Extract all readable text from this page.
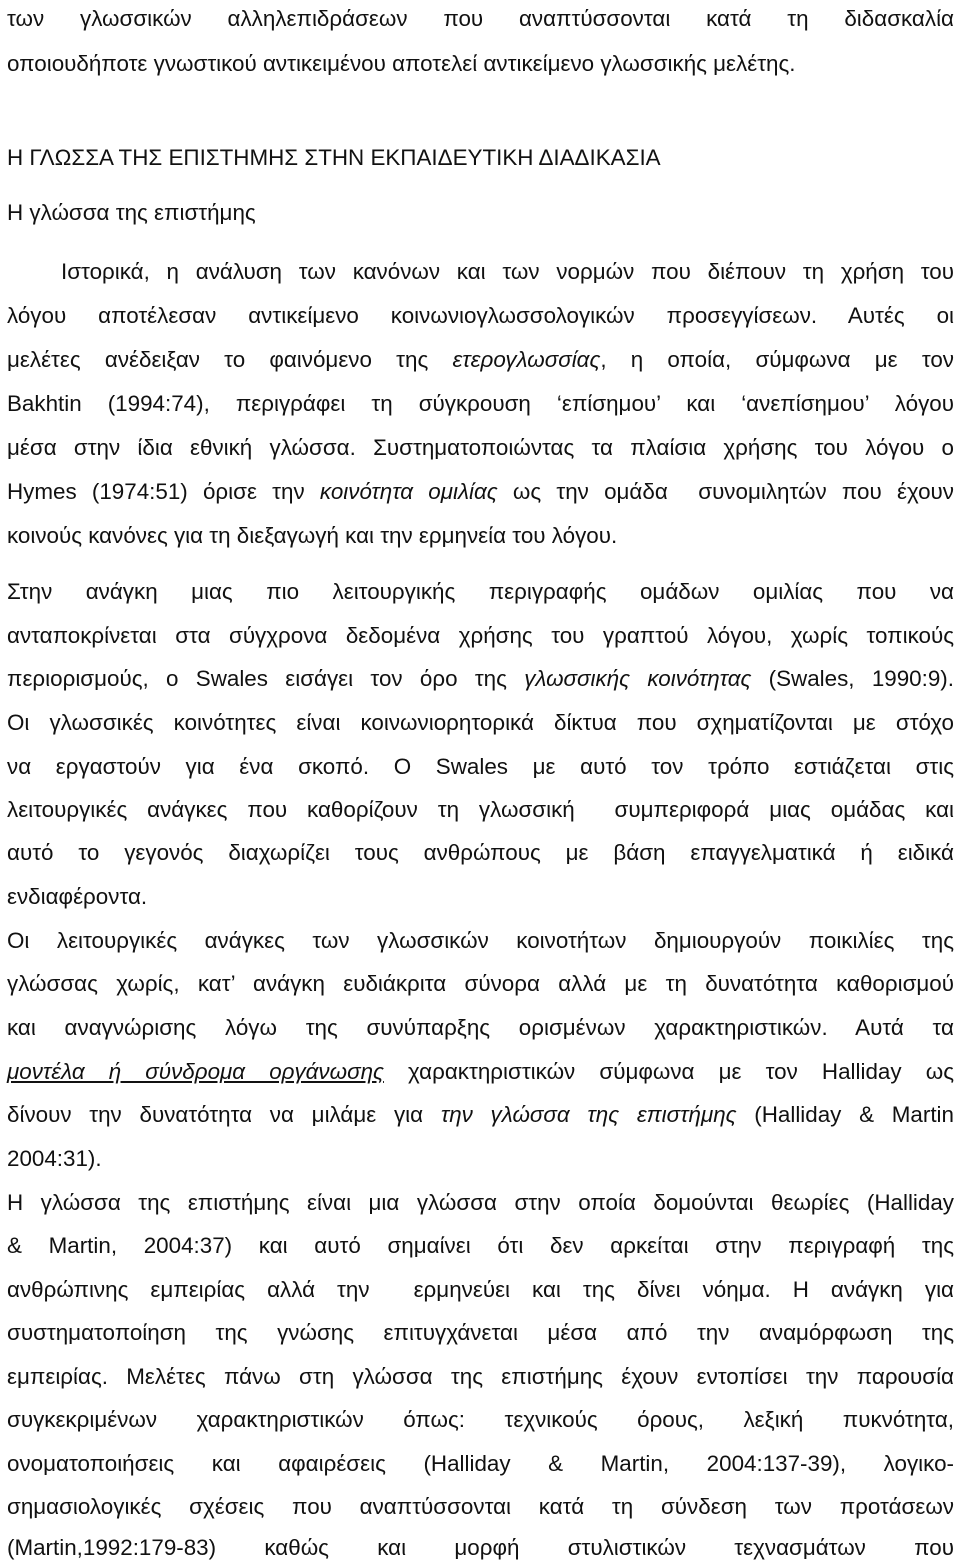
των γλωσσικών αλληλεπιδράσεων που αναπτύσσονται κατά τη διδασκαλία
οποιουδήποτε γνωστικού αντικειμένου αποτελεί αντικείμενο γλωσσικής μελέτης.
Η ΓΛΩΣΣΑ ΤΗΣ ΕΠΙΣΤΗΜΗΣ ΣΤΗΝ ΕΚΠΑΙΔΕΥΤΙΚΗ ΔΙΑΔΙΚΑΣΙΑ
Η γλώσσα της επιστήμης
Ιστορικά, η ανάλυση των κανόνων και των νορμών που διέπουν τη χρήση του
λόγου αποτέλεσαν αντικείμενο κοινωνιογλωσσολογικών προσεγγίσεων. Αυτές οι
μελέτες ανέδειξαν το φαινόμενο της ετερογλωσσίας, η οποία, σύμφωνα με τον
Bakhtin (1994:74), περιγράφει τη σύγκρουση ‘επίσημου’ και ‘ανεπίσημου’ λόγου
μέσα στην ίδια εθνική γλώσσα. Συστηματοποιώντας τα πλαίσια χρήσης του λόγου ο
Hymes (1974:51) όρισε την κοινότητα ομιλίας ως την ομάδα  συνομιλητών που έχουν
κοινούς κανόνες για τη διεξαγωγή και την ερμηνεία του λόγου.
Στην ανάγκη μιας πιο λειτουργικής περιγραφής ομάδων ομιλίας που να
ανταποκρίνεται στα σύγχρονα δεδομένα χρήσης του γραπτού λόγου, χωρίς τοπικούς
περιορισμούς, ο Swales εισάγει τον όρο της γλωσσικής κοινότητας (Swales, 1990:9).
Οι γλωσσικές κοινότητες είναι κοινωνιορητορικά δίκτυα που σχηματίζονται με στόχο
να εργαστούν για ένα σκοπό. Ο Swales με αυτό τον τρόπο εστιάζεται στις
λειτουργικές ανάγκες που καθορίζουν τη γλωσσική  συμπεριφορά μιας ομάδας και
αυτό το γεγονός διαχωρίζει τους ανθρώπους με βάση επαγγελματικά ή ειδικά
ενδιαφέροντα.
Οι λειτουργικές ανάγκες των γλωσσικών κοινοτήτων δημιουργούν ποικιλίες της
γλώσσας χωρίς, κατ’ ανάγκη ευδιάκριτα σύνορα αλλά με τη δυνατότητα καθορισμού
και αναγνώρισης λόγω της συνύπαρξης ορισμένων χαρακτηριστικών. Αυτά τα
μοντέλα ή σύνδρομα οργάνωσης χαρακτηριστικών σύμφωνα με τον Halliday ως
δίνουν την δυνατότητα να μιλάμε για την γλώσσα της επιστήμης (Halliday & Martin
2004:31).
Η γλώσσα της επιστήμης είναι μια γλώσσα στην οποία δομούνται θεωρίες (Halliday
& Martin, 2004:37) και αυτό σημαίνει ότι δεν αρκείται στην περιγραφή της
ανθρώπινης εμπειρίας αλλά την  ερμηνεύει και της δίνει νόημα. Η ανάγκη για
συστηματοποίηση της γνώσης επιτυγχάνεται μέσα από την αναμόρφωση της
εμπειρίας. Μελέτες πάνω στη γλώσσα της επιστήμης έχουν εντοπίσει την παρουσία
συγκεκριμένων χαρακτηριστικών όπως: τεχνικούς όρους, λεξική πυκνότητα,
ονοματοποιήσεις και αφαιρέσεις (Halliday & Martin, 2004:137-39), λογικο-
σημασιολογικές σχέσεις που αναπτύσσονται κατά τη σύνδεση των προτάσεων
(Martin,1992:179-83) καθώς και μορφή στυλιστικών τεχνασμάτων που
